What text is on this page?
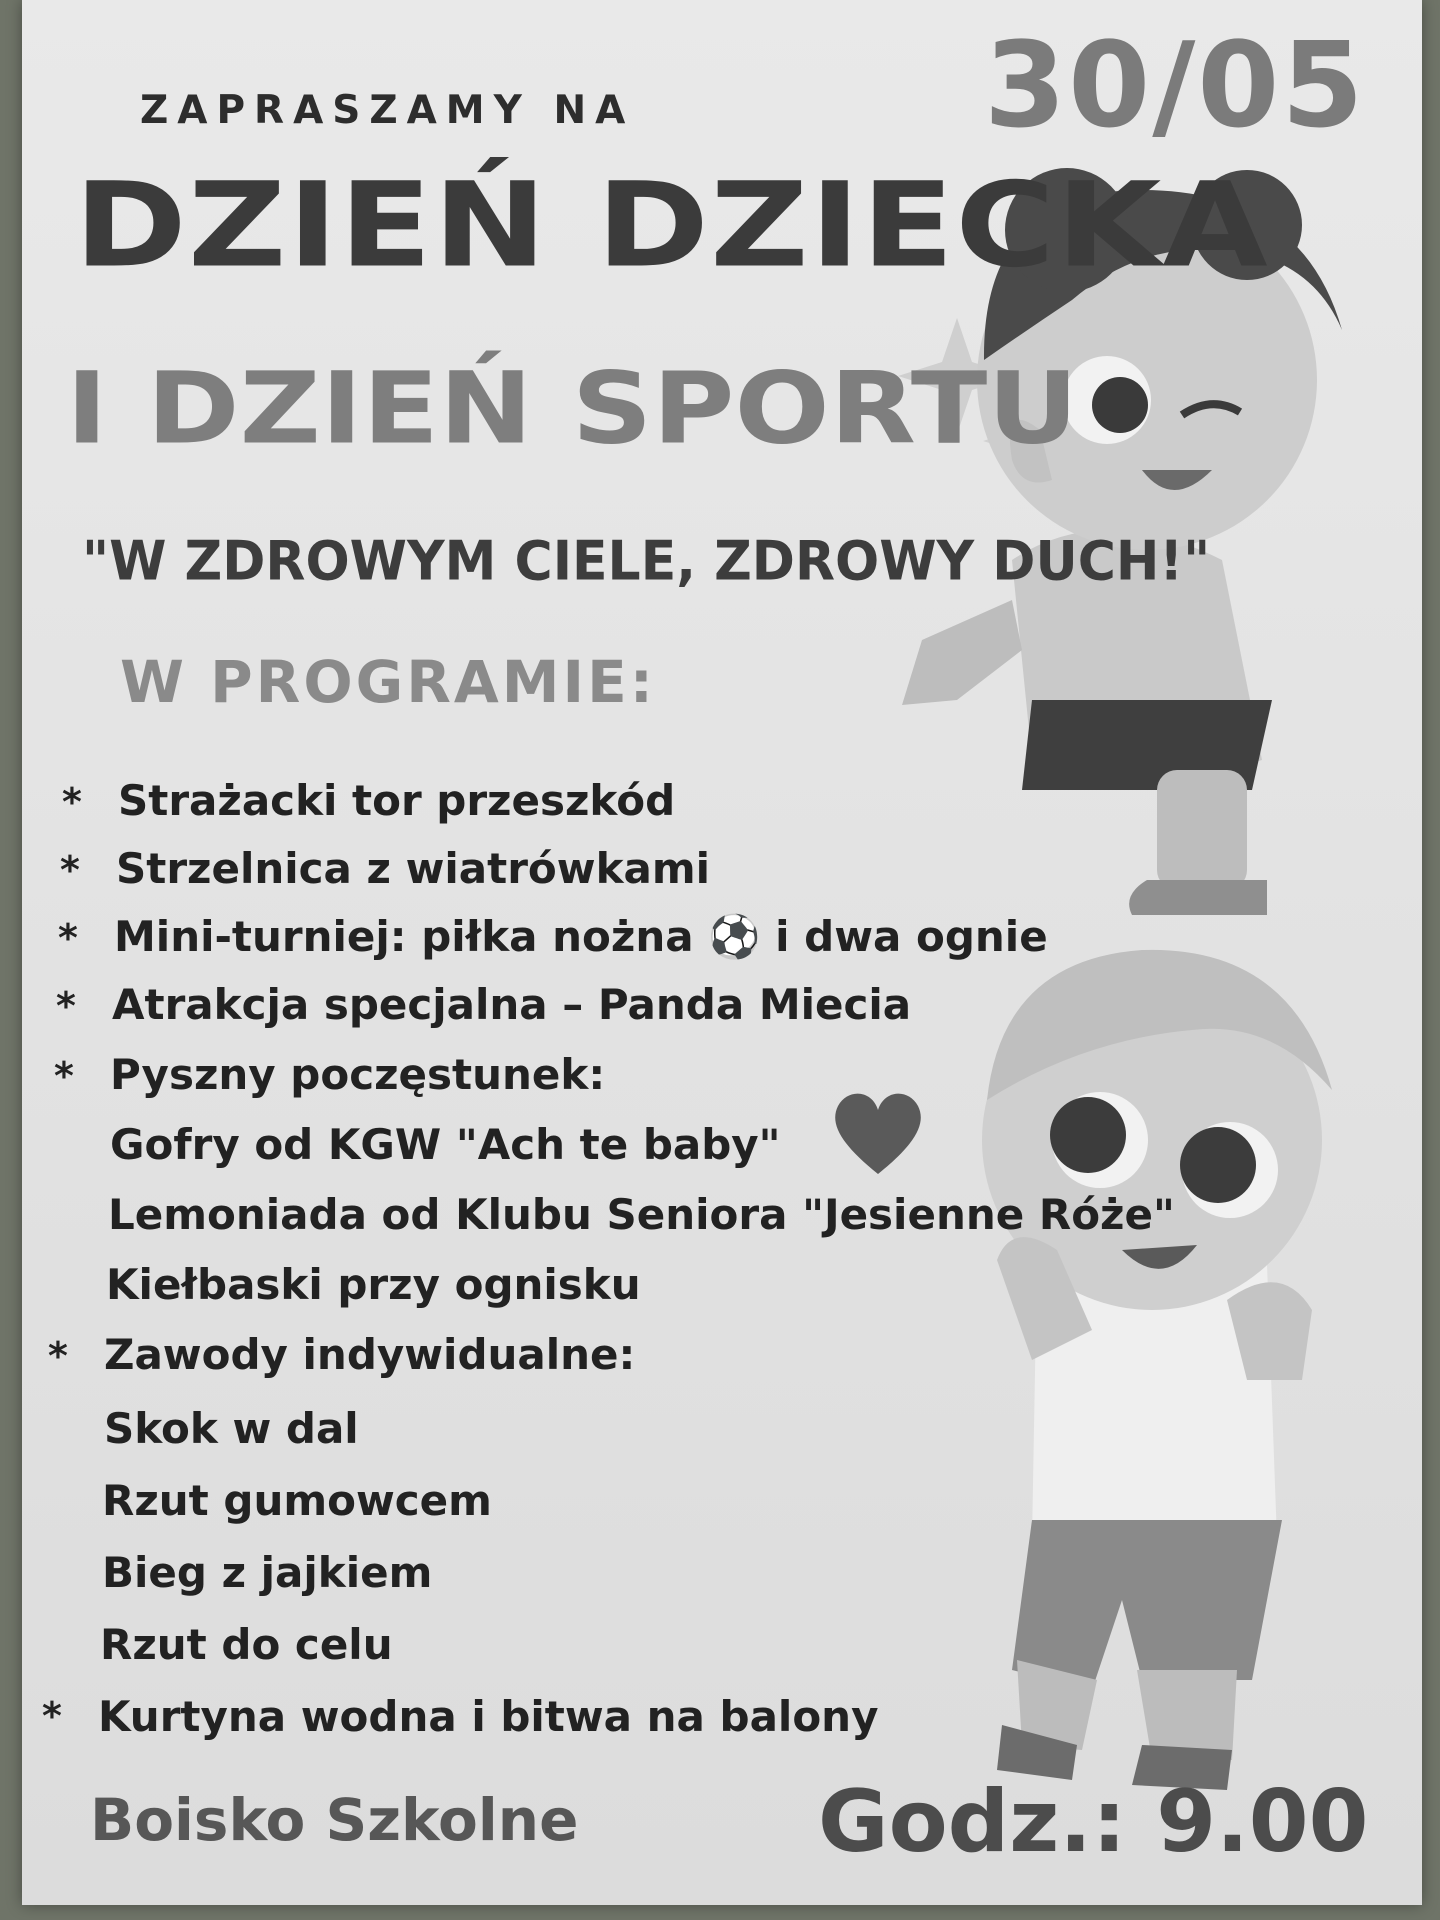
ZAPRASZAMY NA	30/05

DZIEŃ DZIECKA
I DZIEŃ SPORTU

"W ZDROWYM CIELE, ZDROWY DUCH!"

W PROGRAMIE:
* Strażacki tor przeszkód

* Strzelnica z wiatrówkami

* Mini-turniej: piłka nożna ⚽ i dwa ognie

* Atrakcja specjalna – Panda Miecia

* Pyszny poczęstunek:

Gofry od KGW "Ach te baby"

Lemoniada od Klubu Seniora "Jesienne Róże"

Kiełbaski przy ognisku

* Zawody indywidualne:

Skok w dal

Rzut gumowcem

Bieg z jajkiem

Rzut do celu

* Kurtyna wodna i bitwa na balony

Boisko Szkolne	Godz.: 9.00
